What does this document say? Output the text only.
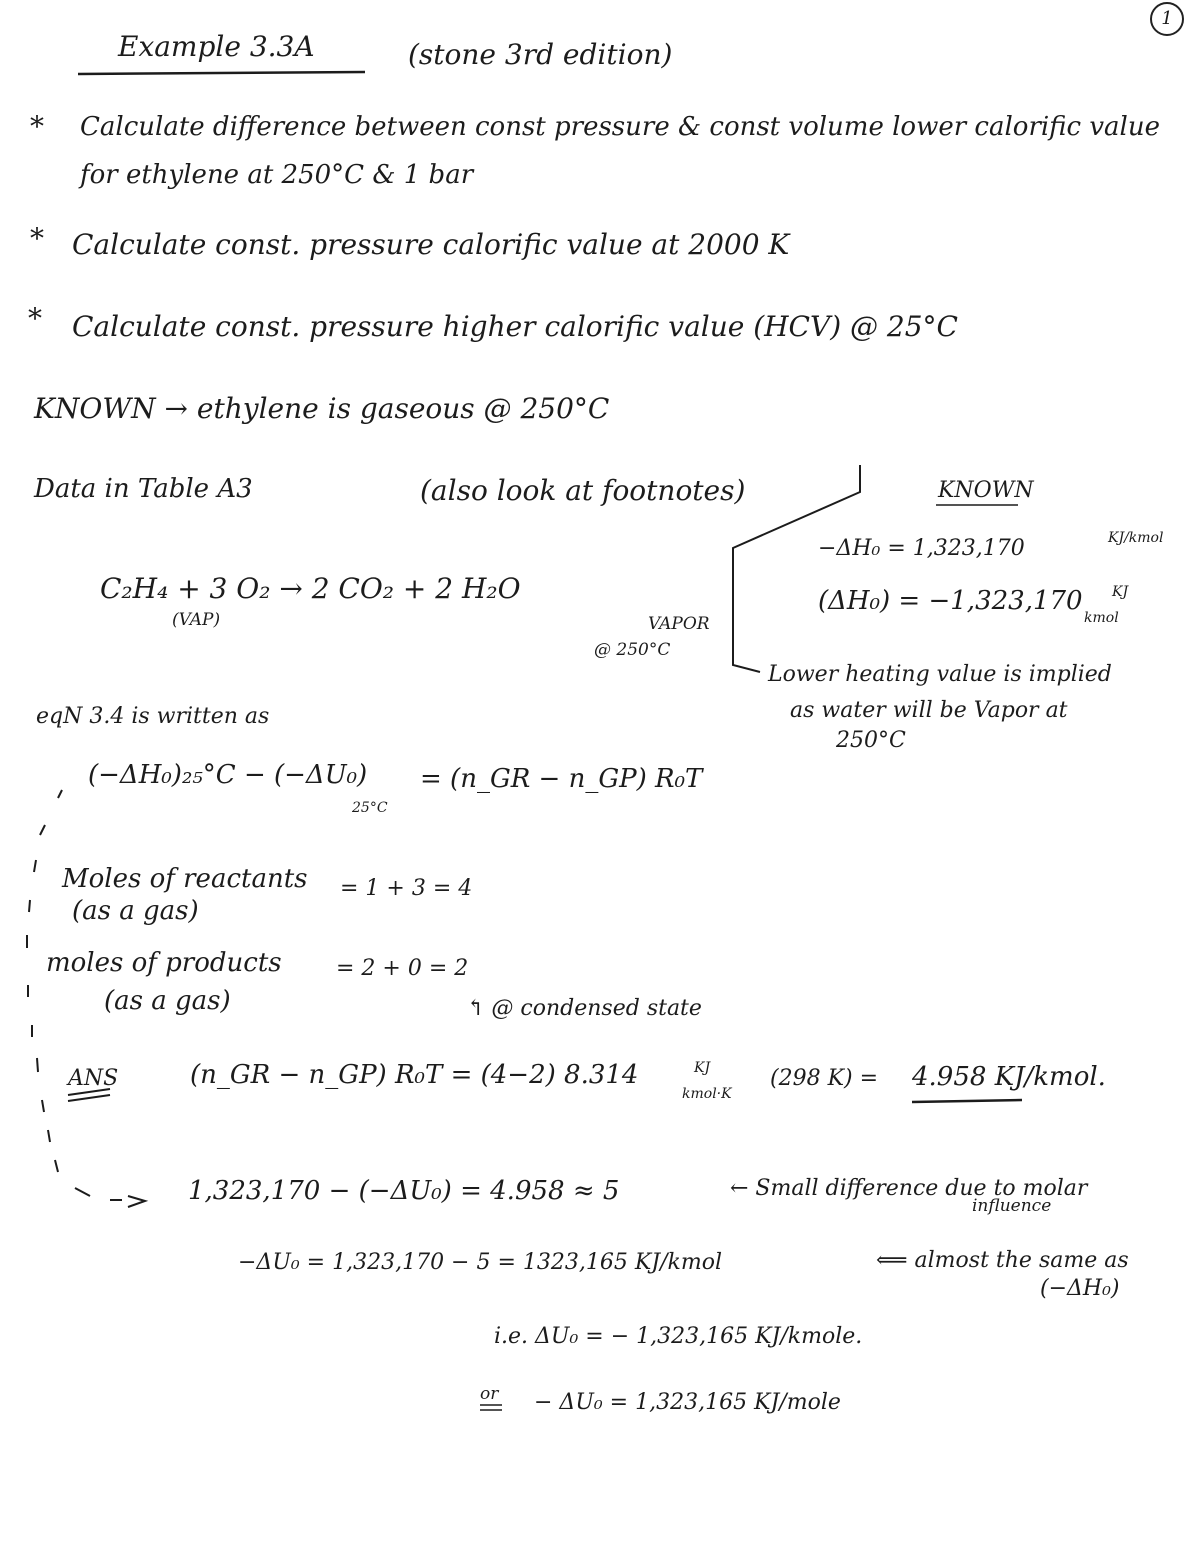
1
Example 3.3A	(stone 3rd edition)
* Calculate difference between const pressure & const volume lower calorific value
for ethylene at 250°C & 1 bar
* Calculate const. pressure calorific value at 2000 K
* Calculate const. pressure higher calorific value (HCV) @ 25°C
KNOWN → ethylene is gaseous @ 250°C
Data in Table A3	(also look at footnotes)
C₂H₄ + 3 O₂ → 2 CO₂ + 2 H₂O
(VAP)	VAPOR
@ 250°C
KNOWN
−ΔH₀ = 1,323,170	KJ/kmol
(ΔH₀) = −1,323,170 KJ
kmol
Lower heating value is implied
as water will be Vapor at
250°C
eqN 3.4 is written as
(−ΔH₀)₂₅°C − (−ΔU₀)
25°C
= (n_GR − n_GP) R₀T
Moles of reactants
(as a gas)
= 1 + 3 = 4
moles of products
(as a gas)
= 2 + 0 = 2
↰ @ condensed state
ANS	(n_GR − n_GP) R₀T = (4−2) 8.314	KJ
kmol·K
(298 K) = 4.958 KJ/kmol.
1,323,170 − (−ΔU₀) = 4.958 ≈ 5	← Small difference due to molar
influence
−ΔU₀ = 1,323,170 − 5 = 1323,165 KJ/kmol	⟸ almost the same as
(−ΔH₀)
i.e. ΔU₀ = − 1,323,165 KJ/kmole.
or − ΔU₀ = 1,323,165 KJ/mole
